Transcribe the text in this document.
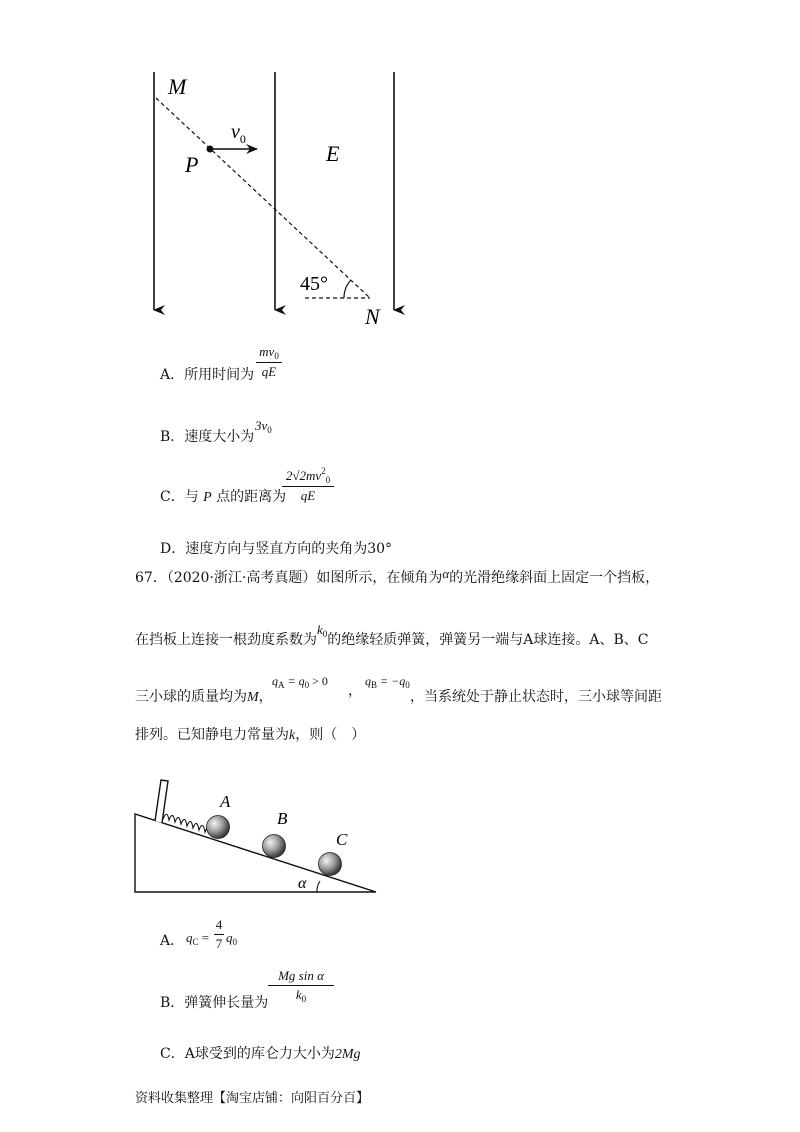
M
$v_0$
P	E
45°
N
A．所用时间为
$mv_0$
qE
B．速度大小为
$3v_0$
C．与 P 点的距离为
$2√2mv^2_0$
qE
D．速度方向与竖直方向的夹角为30°
67．（2020·浙江·高考真题）如图所示，在倾角为α的光滑绝缘斜面上固定一个挡板，
在挡板上连接一根劲度系数为$k_0$的绝缘轻质弹簧，弹簧另一端与A球连接。A、B、C
三小球的质量均为M，
$q_A = q_0 > 0$
，
$q_B = -q_0$
，当系统处于静止状态时，三小球等间距
排列。已知静电力常量为k，则（　）
A
B
C
α
A． $q_C$ =
4
7 $q_0$
B．弹簧伸长量为
Mg sin α
$k_0$
C．A球受到的库仑力大小为2Mg
资料收集整理【淘宝店铺：向阳百分百】
